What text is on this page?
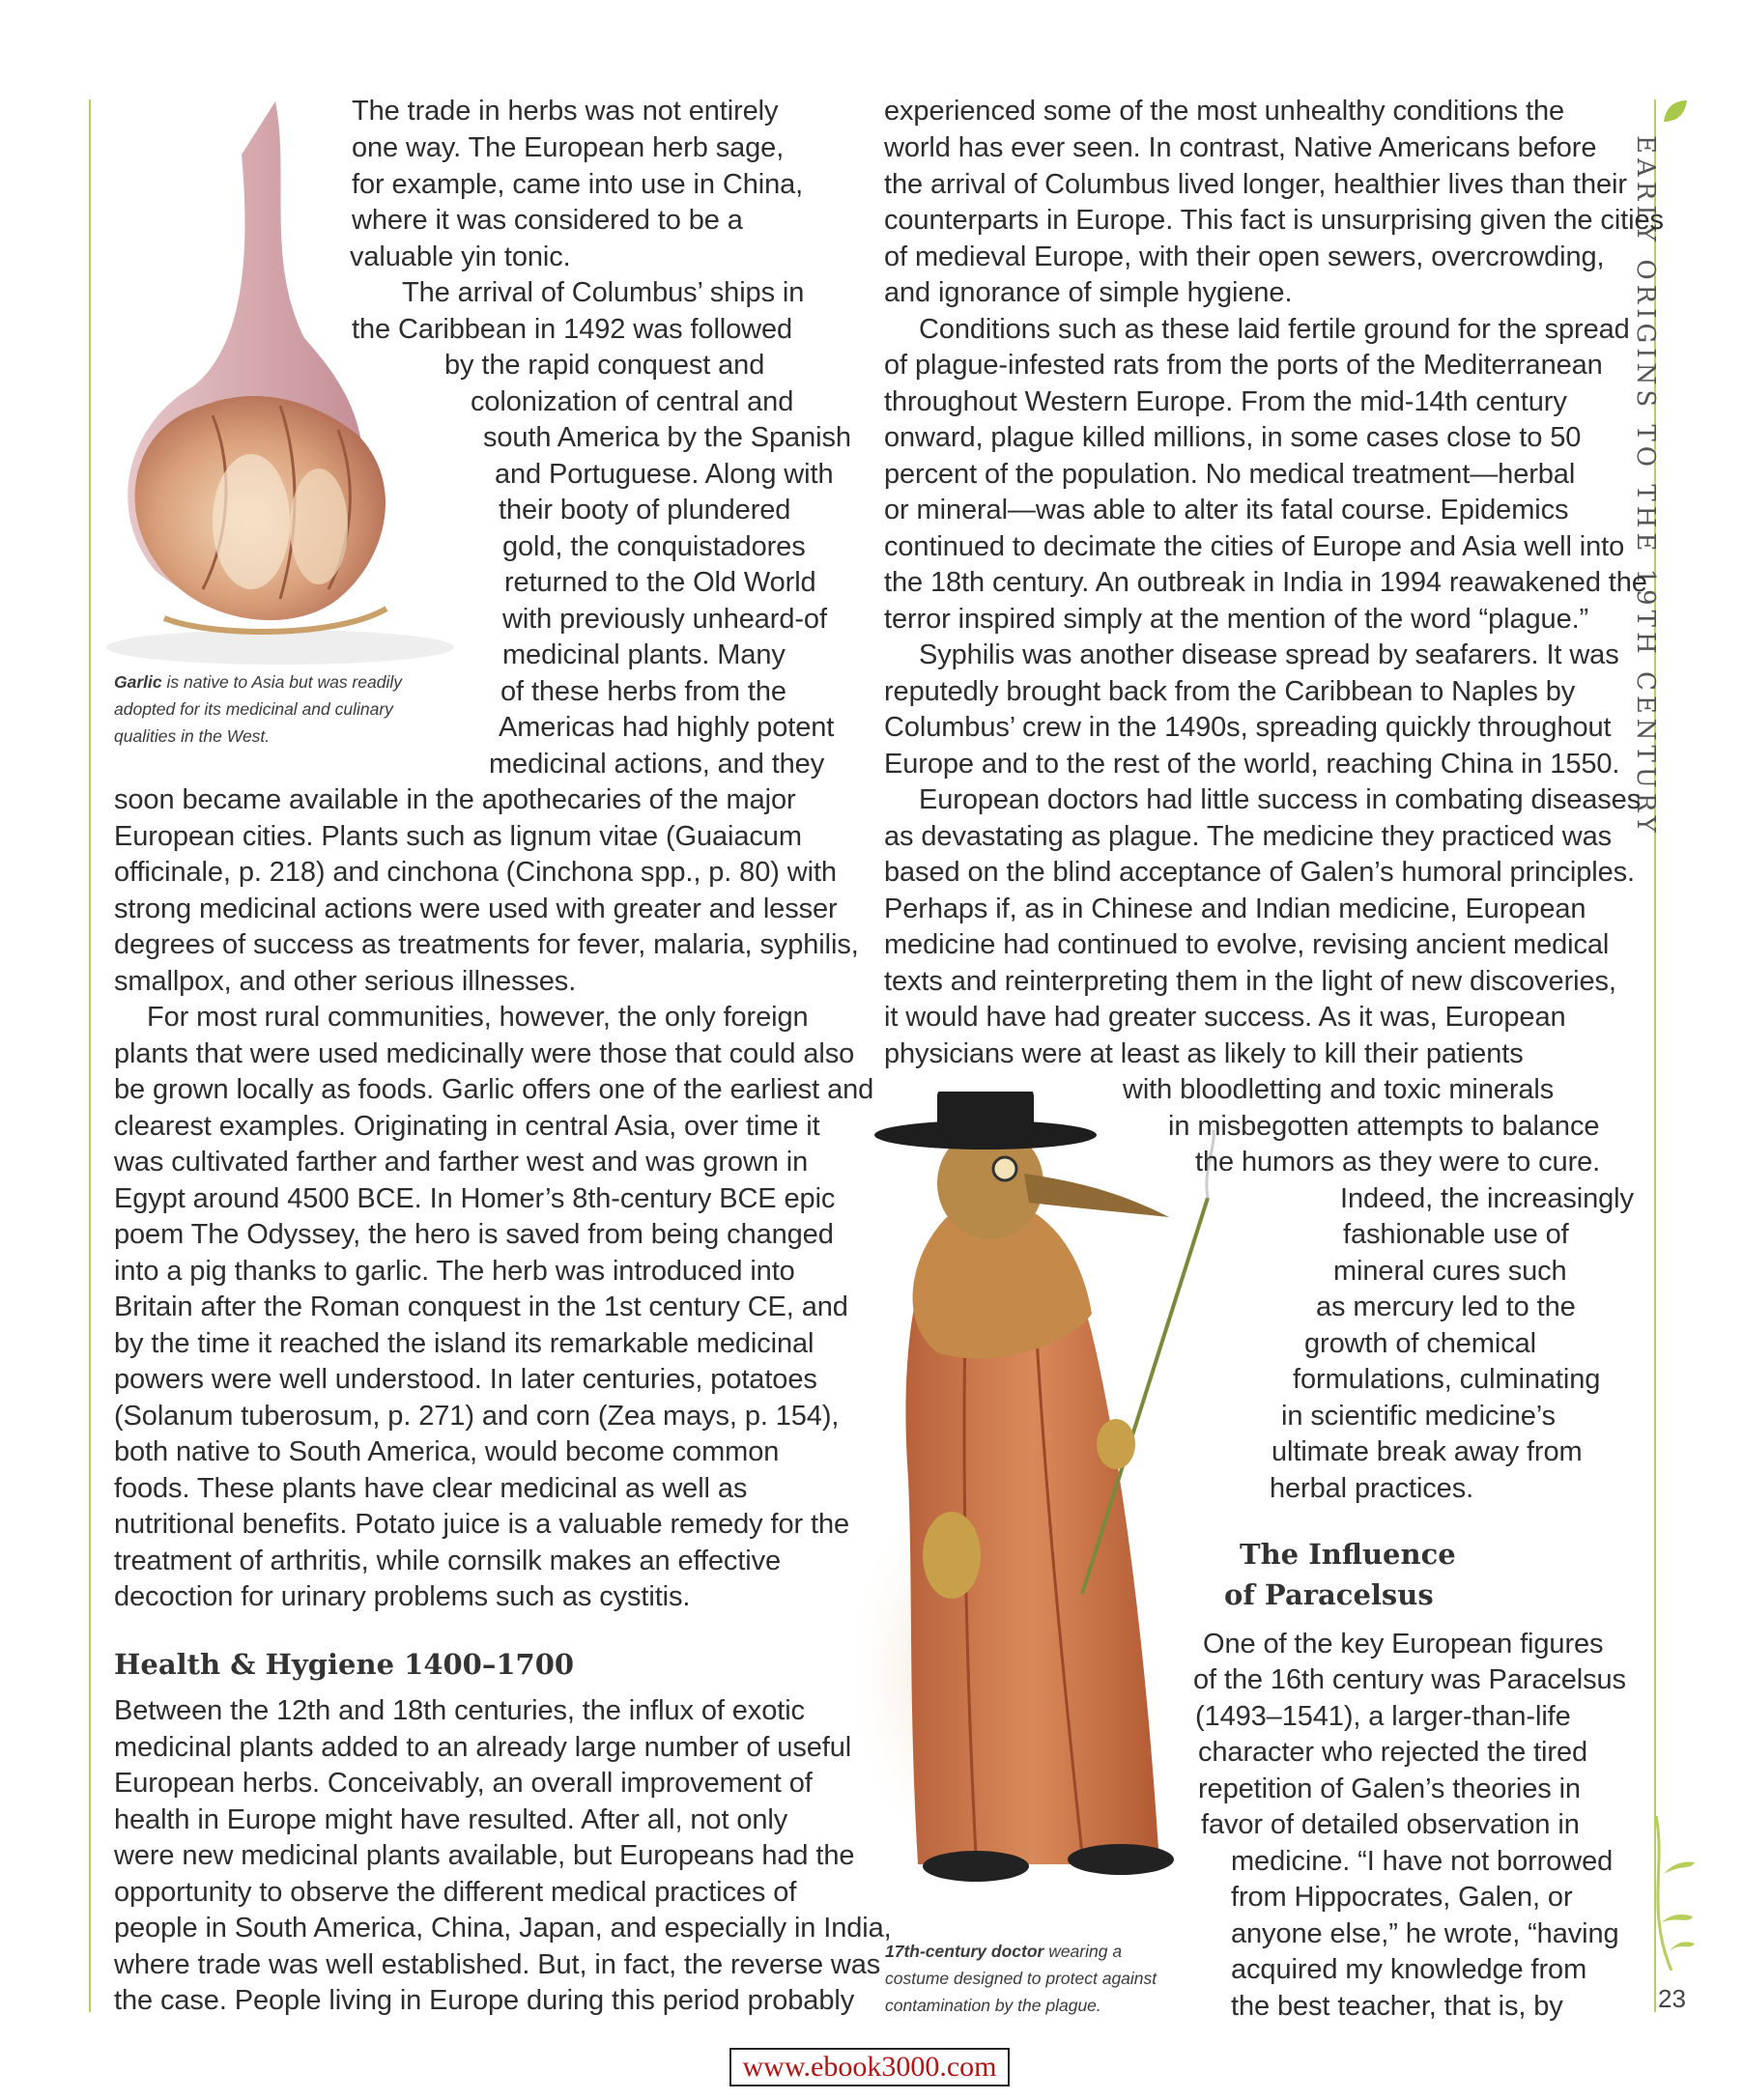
EARLY ORIGINS TO THE 19TH CENTURY
23
Garlic is native to Asia but was readily
adopted for its medicinal and culinary
qualities in the West.
The trade in herbs was not entirely
one way. The European herb sage,
for example, came into use in China,
where it was considered to be a
valuable yin tonic.
The arrival of Columbus’ ships in
the Caribbean in 1492 was followed
by the rapid conquest and
colonization of central and
south America by the Spanish
and Portuguese. Along with
their booty of plundered
gold, the conquistadores
returned to the Old World
with previously unheard-of
medicinal plants. Many
of these herbs from the
Americas had highly potent
medicinal actions, and they
soon became available in the apothecaries of the major
European cities. Plants such as lignum vitae (Guaiacum
officinale, p. 218) and cinchona (Cinchona spp., p. 80) with
strong medicinal actions were used with greater and lesser
degrees of success as treatments for fever, malaria, syphilis,
smallpox, and other serious illnesses.
For most rural communities, however, the only foreign
plants that were used medicinally were those that could also
be grown locally as foods. Garlic offers one of the earliest and
clearest examples. Originating in central Asia, over time it
was cultivated farther and farther west and was grown in
Egypt around 4500 BCE. In Homer’s 8th-century BCE epic
poem The Odyssey, the hero is saved from being changed
into a pig thanks to garlic. The herb was introduced into
Britain after the Roman conquest in the 1st century CE, and
by the time it reached the island its remarkable medicinal
powers were well understood. In later centuries, potatoes
(Solanum tuberosum, p. 271) and corn (Zea mays, p. 154),
both native to South America, would become common
foods. These plants have clear medicinal as well as
nutritional benefits. Potato juice is a valuable remedy for the
treatment of arthritis, while cornsilk makes an effective
decoction for urinary problems such as cystitis.
Health & Hygiene 1400–1700
Between the 12th and 18th centuries, the influx of exotic
medicinal plants added to an already large number of useful
European herbs. Conceivably, an overall improvement of
health in Europe might have resulted. After all, not only
were new medicinal plants available, but Europeans had the
opportunity to observe the different medical practices of
people in South America, China, Japan, and especially in India,
where trade was well established. But, in fact, the reverse was
the case. People living in Europe during this period probably
experienced some of the most unhealthy conditions the
world has ever seen. In contrast, Native Americans before
the arrival of Columbus lived longer, healthier lives than their
counterparts in Europe. This fact is unsurprising given the cities
of medieval Europe, with their open sewers, overcrowding,
and ignorance of simple hygiene.
Conditions such as these laid fertile ground for the spread
of plague-infested rats from the ports of the Mediterranean
throughout Western Europe. From the mid-14th century
onward, plague killed millions, in some cases close to 50
percent of the population. No medical treatment—herbal
or mineral—was able to alter its fatal course. Epidemics
continued to decimate the cities of Europe and Asia well into
the 18th century. An outbreak in India in 1994 reawakened the
terror inspired simply at the mention of the word “plague.”
Syphilis was another disease spread by seafarers. It was
reputedly brought back from the Caribbean to Naples by
Columbus’ crew in the 1490s, spreading quickly throughout
Europe and to the rest of the world, reaching China in 1550.
European doctors had little success in combating diseases
as devastating as plague. The medicine they practiced was
based on the blind acceptance of Galen’s humoral principles.
Perhaps if, as in Chinese and Indian medicine, European
medicine had continued to evolve, revising ancient medical
texts and reinterpreting them in the light of new discoveries,
it would have had greater success. As it was, European
physicians were at least as likely to kill their patients
with bloodletting and toxic minerals
in misbegotten attempts to balance
the humors as they were to cure.
Indeed, the increasingly
fashionable use of
mineral cures such
as mercury led to the
growth of chemical
formulations, culminating
in scientific medicine’s
ultimate break away from
herbal practices.
The Influence
of Paracelsus
One of the key European figures
of the 16th century was Paracelsus
(1493–1541), a larger-than-life
character who rejected the tired
repetition of Galen’s theories in
favor of detailed observation in
medicine. “I have not borrowed
from Hippocrates, Galen, or
anyone else,” he wrote, “having
acquired my knowledge from
the best teacher, that is, by
17th-century doctor wearing a
costume designed to protect against
contamination by the plague.
www.ebook3000.com
